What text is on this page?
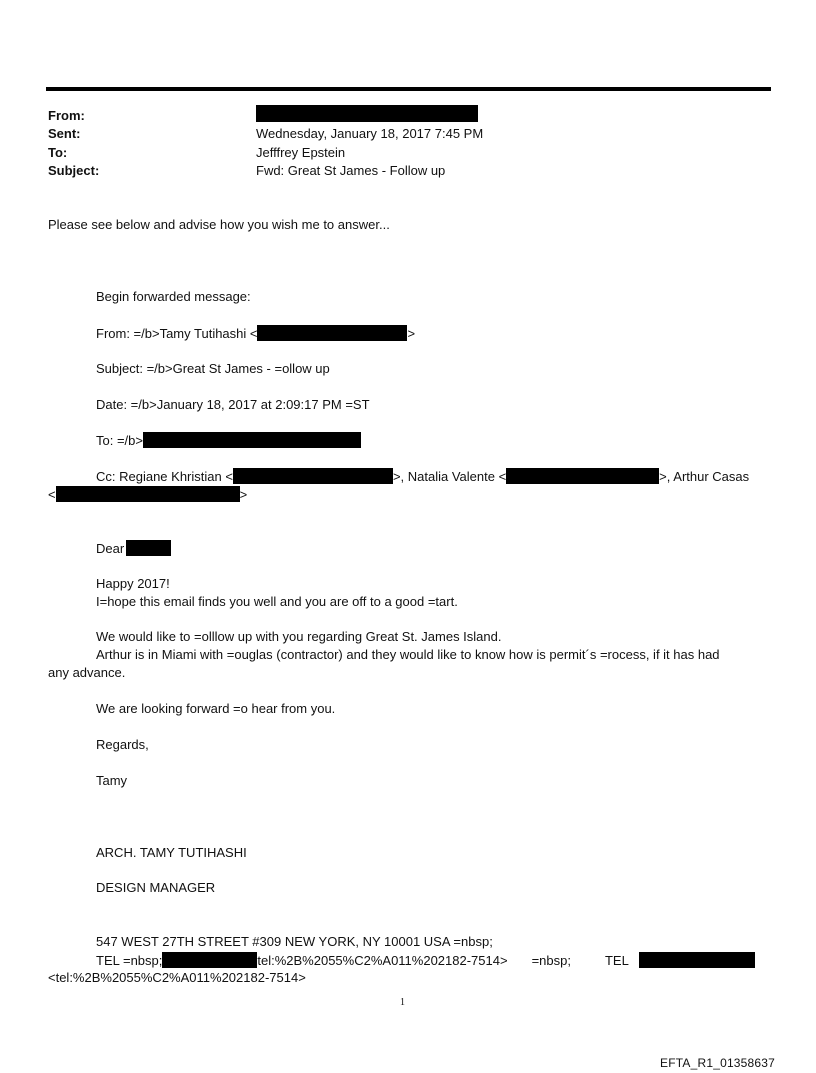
From:
Sent:	Wednesday, January 18, 2017 7:45 PM
To:	Jefffrey Epstein
Subject:	Fwd: Great St James - Follow up
Please see below and advise how you wish me to answer...
Begin forwarded message:
From: =/b>Tamy Tutihashi <	>
Subject: =/b>Great St James - =ollow up
Date: =/b>January 18, 2017 at 2:09:17 PM =ST
To: =/b>
Cc: Regiane Khristian <	>, Natalia Valente <	>, Arthur Casas
<	>
Dear
Happy 2017!
I=hope this email finds you well and you are off to a good =tart.
We would like to =olllow up with you regarding Great St. James Island.
Arthur is in Miami with =ouglas (contractor) and they would like to know how is permit´s =rocess, if it has had
any advance.
We are looking forward =o hear from you.
Regards,
Tamy
ARCH. TAMY TUTIHASHI
DESIGN MANAGER
547 WEST 27TH STREET #309 NEW YORK, NY 10001 USA =nbsp;
TEL =nbsp;	tel:%2B%2055%C2%A011%202182-7514> =nbsp;	TEL
<tel:%2B%2055%C2%A011%202182-7514>
1
EFTA_R1_01358637
